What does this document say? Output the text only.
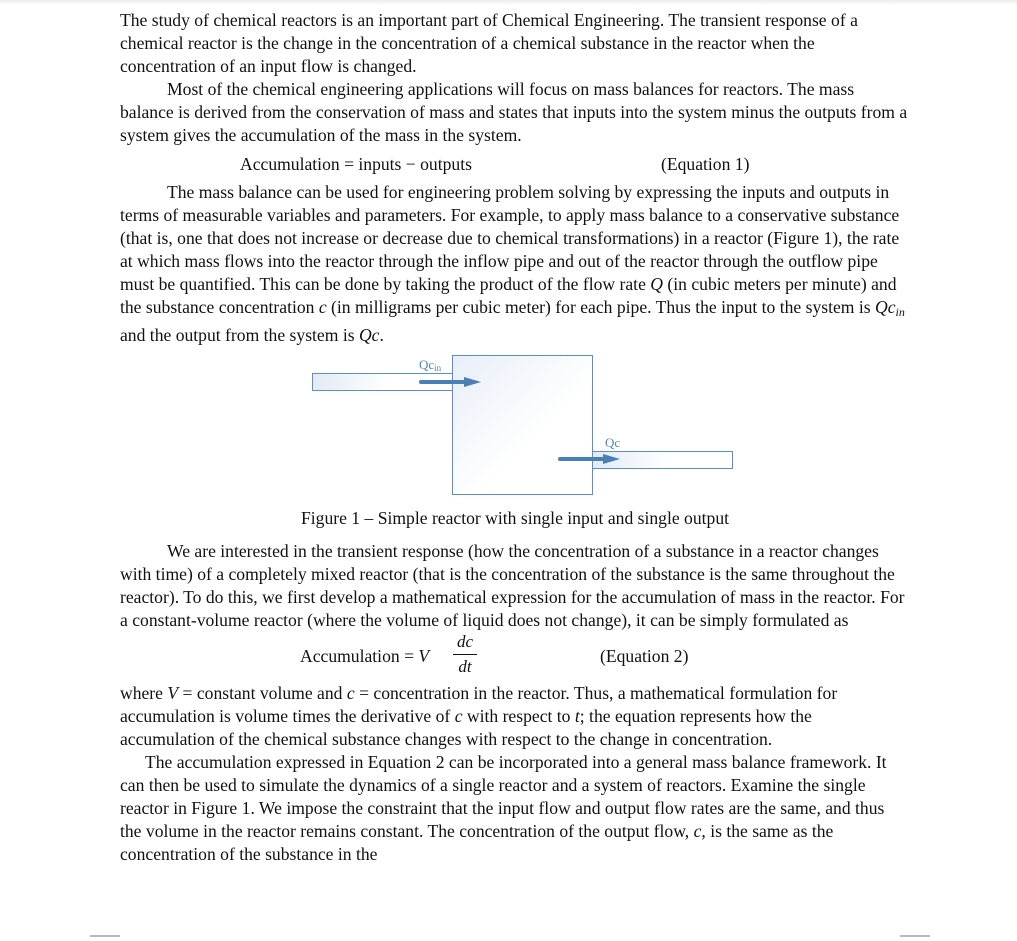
The study of chemical reactors is an important part of Chemical Engineering. The transient response of a chemical reactor is the change in the concentration of a chemical substance in the reactor when the concentration of an input flow is changed.

Most of the chemical engineering applications will focus on mass balances for reactors. The mass balance is derived from the conservation of mass and states that inputs into the system minus the outputs from a system gives the accumulation of the mass in the system.

Accumulation = inputs − outputs	(Equation 1)

The mass balance can be used for engineering problem solving by expressing the inputs and outputs in terms of measurable variables and parameters. For example, to apply mass balance to a conservative substance (that is, one that does not increase or decrease due to chemical transformations) in a reactor (Figure 1), the rate at which mass flows into the reactor through the inflow pipe and out of the reactor through the outflow pipe must be quantified. This can be done by taking the product of the flow rate Q (in cubic meters per minute) and the substance concentration c (in milligrams per cubic meter) for each pipe. Thus the input to the system is $Qc_{in}$ and the output from the system is Qc.

$Qc_{in}$
Qc

Figure 1 – Simple reactor with single input and single output

We are interested in the transient response (how the concentration of a substance in a reactor changes with time) of a completely mixed reactor (that is the concentration of the substance is the same throughout the reactor). To do this, we first develop a mathematical expression for the accumulation of mass in the reactor. For a constant-volume reactor (where the volume of liquid does not change), it can be simply formulated as

Accumulation = V $\frac{dc}{dt}$	(Equation 2)

where V = constant volume and c = concentration in the reactor. Thus, a mathematical formulation for accumulation is volume times the derivative of c with respect to t; the equation represents how the accumulation of the chemical substance changes with respect to the change in concentration.

The accumulation expressed in Equation 2 can be incorporated into a general mass balance framework. It can then be used to simulate the dynamics of a single reactor and a system of reactors. Examine the single reactor in Figure 1. We impose the constraint that the input flow and output flow rates are the same, and thus the volume in the reactor remains constant. The concentration of the output flow, c, is the same as the concentration of the substance in the
